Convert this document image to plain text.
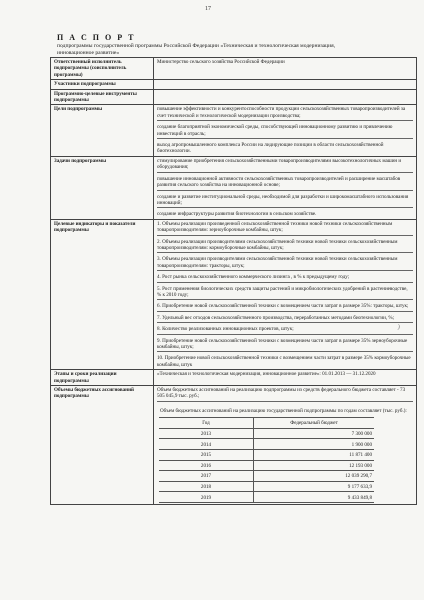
17
П А С П О Р Т
подпрограммы государственной программы Российской Федерации «Техническая и технологическая модернизация, инновационное развитие»
Ответственный исполнитель подпрограммы (соисполнитель программы)	Министерство сельского хозяйства Российской Федерации
Участники подпрограммы	
Программно-целевые инструменты подпрограммы	
Цели подпрограммы	повышение эффективности и конкурентоспособности продукции сельскохозяйственных товаропроизводителей за счет технической и технологической модернизации производства;
создание благоприятной экономической среды, способствующей инновационному развитию и привлечению инвестиций в отрасль;
выход агропромышленного комплекса России на лидирующие позиции в области сельскохозяйственной биотехнологии.

Задачи подпрограммы	стимулирование приобретения сельскохозяйственными товаропроизводителями высокотехнологичных машин и оборудования;
повышение инновационной активности сельскохозяйственных товаропроизводителей и расширение масштабов развития сельского хозяйства на инновационной основе;
создание и развитие институциональной среды, необходимой для разработки и широкомасштабного использования инноваций;
создание инфраструктуры развития биотехнологии в сельском хозяйстве.

Целевые индикаторы и показатели подпрограммы	
1. Объемы реализации произведенной сельскохозяйственной техники новой техники сельскохозяйственным товаропроизводителям: зерноуборочные комбайны, штук;
2. Объемы реализации производителями сельскохозяйственной техники новой техники сельскохозяйственным товаропроизводителям: кормоуборочные комбайны, штук;
3. Объемы реализации производителями сельскохозяйственной техники новой техники сельскохозяйственным товаропроизводителям: тракторы, штук;
4. Рост рынка сельскохозяйственного коммерческого лизинга , в % к предыдущему году;
5. Рост применения биологических средств защиты растений и микробиологических удобрений в растениеводстве, % к 2010 году;
6. Приобретение новой сельскохозяйственной техники с возмещением части затрат в размере 35%: тракторы, штук;
7. Удельный вес отходов сельскохозяйственного производства, переработанных методами биотехнологии, %;
8. Количество реализованных инновационных проектов, штук;
9. Приобретение новой сельскохозяйственной техники с возмещением части затрат в размере 35% зерноуборочные комбайны, штук;
10. Приобретение новой сельскохозяйственной техники с возмещением части затрат в размере 35% кормоуборочные комбайны, штук

Этапы и сроки реализации подпрограммы	«Техническая и технологическая модернизация, инновационное развитие»: 01.01.2013 — 31.12.2020
Объемы бюджетных ассигнований подпрограммы	
Объем бюджетных ассигнований на реализацию подпрограммы из средств федерального бюджета составляет - 73 505 045,9 тыс. руб.;
Объем бюджетных ассигнований на реализацию государственной подпрограммы по годам составляет (тыс. руб.):
Год	Федеральный бюджет
2013	7 300 000
2014	1 900 000
2015	11 871 400
2016	12 193 000
2017	12 039 290,7
2018	9 177 633,9
2019	9 433 849,8
⁾
